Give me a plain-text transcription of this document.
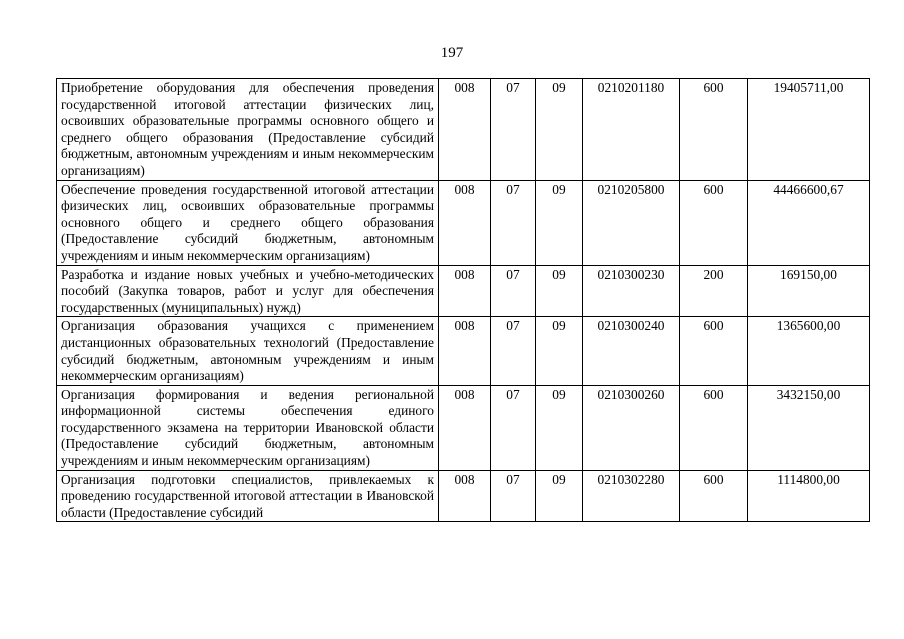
197
Приобретение оборудования для обеспечения проведения государственной итоговой аттестации физических лиц, освоивших образовательные программы основного общего и среднего общего образования (Предоставление субсидий бюджетным, автономным учреждениям и иным некоммерческим организациям)	008	07	09	0210201180	600	19405711,00
Обеспечение проведения государственной итоговой аттестации физических лиц, освоивших образовательные программы основного общего и среднего общего образования (Предоставление субсидий бюджетным, автономным учреждениям и иным некоммерческим организациям)	008	07	09	0210205800	600	44466600,67
Разработка и издание новых учебных и учебно-методических пособий (Закупка товаров, работ и услуг для обеспечения государственных (муниципальных) нужд)	008	07	09	0210300230	200	169150,00
Организация образования учащихся с применением дистанционных образовательных технологий (Предоставление субсидий бюджетным, автономным учреждениям и иным некоммерческим организациям)	008	07	09	0210300240	600	1365600,00
Организация формирования и ведения региональной информационной системы обеспечения единого государственного экзамена на территории Ивановской области (Предоставление субсидий бюджетным, автономным учреждениям и иным некоммерческим организациям)	008	07	09	0210300260	600	3432150,00
Организация подготовки специалистов, привлекаемых к проведению государственной итоговой аттестации в Ивановской области (Предоставление субсидий	008	07	09	0210302280	600	1114800,00
